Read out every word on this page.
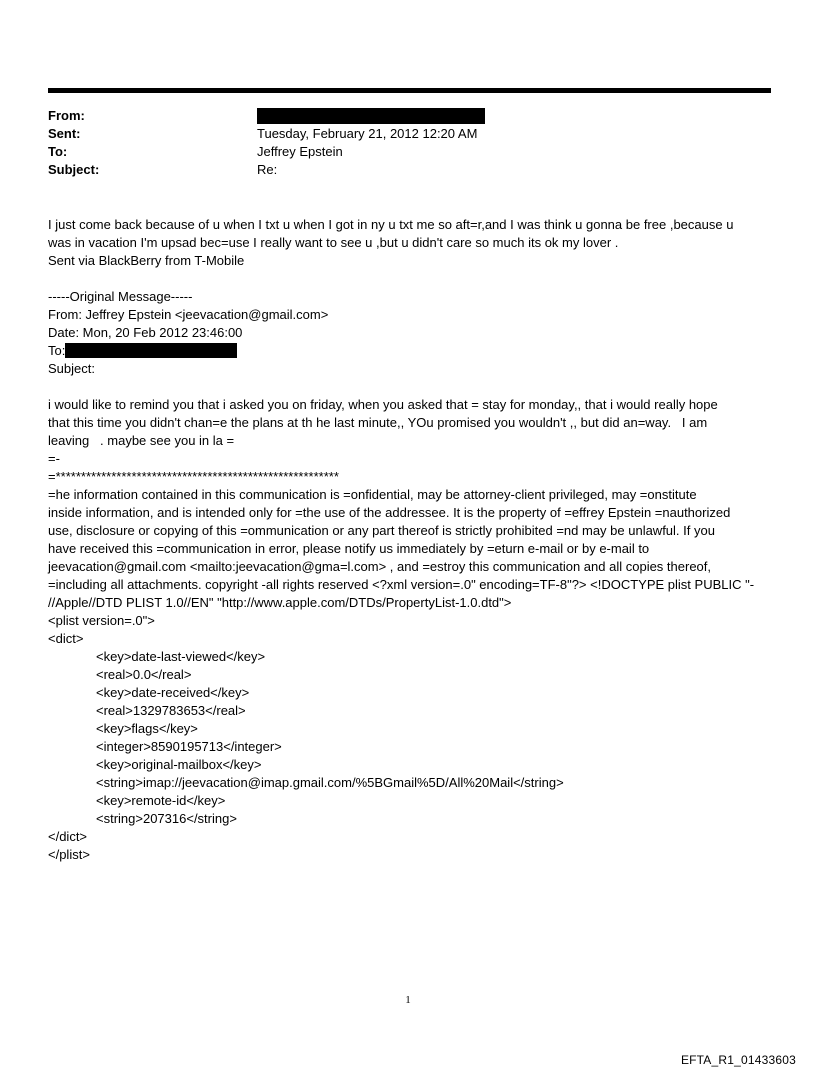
From:
Sent:	Tuesday, February 21, 2012 12:20 AM
To:	Jeffrey Epstein
Subject:	Re:
I just come back because of u when I txt u when I got in ny u txt me so aft=r,and I was think u gonna be free ,because u
was in vacation I'm upsad bec=use I really want to see u ,but u didn't care so much its ok my lover .
Sent via BlackBerry from T-Mobile
-----Original Message-----
From: Jeffrey Epstein <jeevacation@gmail.com>
Date: Mon, 20 Feb 2012 23:46:00
To:
Subject:
i would like to remind you that i asked you on friday, when you asked that = stay for monday,, that i would really hope
that this time you didn't chan=e the plans at th he last minute,, YOu promised you wouldn't ,, but did an=way.   I am
leaving   . maybe see you in la =
=-
=********************************************************
=he information contained in this communication is =onfidential, may be attorney-client privileged, may =onstitute
inside information, and is intended only for =the use of the addressee. It is the property of =effrey Epstein =nauthorized
use, disclosure or copying of this =ommunication or any part thereof is strictly prohibited =nd may be unlawful. If you
have received this =communication in error, please notify us immediately by =eturn e-mail or by e-mail to
jeevacation@gmail.com <mailto:jeevacation@gma=l.com> , and =estroy this communication and all copies thereof,
=including all attachments. copyright -all rights reserved <?xml version=.0" encoding=TF-8"?> <!DOCTYPE plist PUBLIC "-
//Apple//DTD PLIST 1.0//EN" "http://www.apple.com/DTDs/PropertyList-1.0.dtd">
<plist version=.0">
<dict>
<key>date-last-viewed</key>
<real>0.0</real>
<key>date-received</key>
<real>1329783653</real>
<key>flags</key>
<integer>8590195713</integer>
<key>original-mailbox</key>
<string>imap://jeevacation@imap.gmail.com/%5BGmail%5D/All%20Mail</string>
<key>remote-id</key>
<string>207316</string>
</dict>
</plist>
1
EFTA_R1_01433603
